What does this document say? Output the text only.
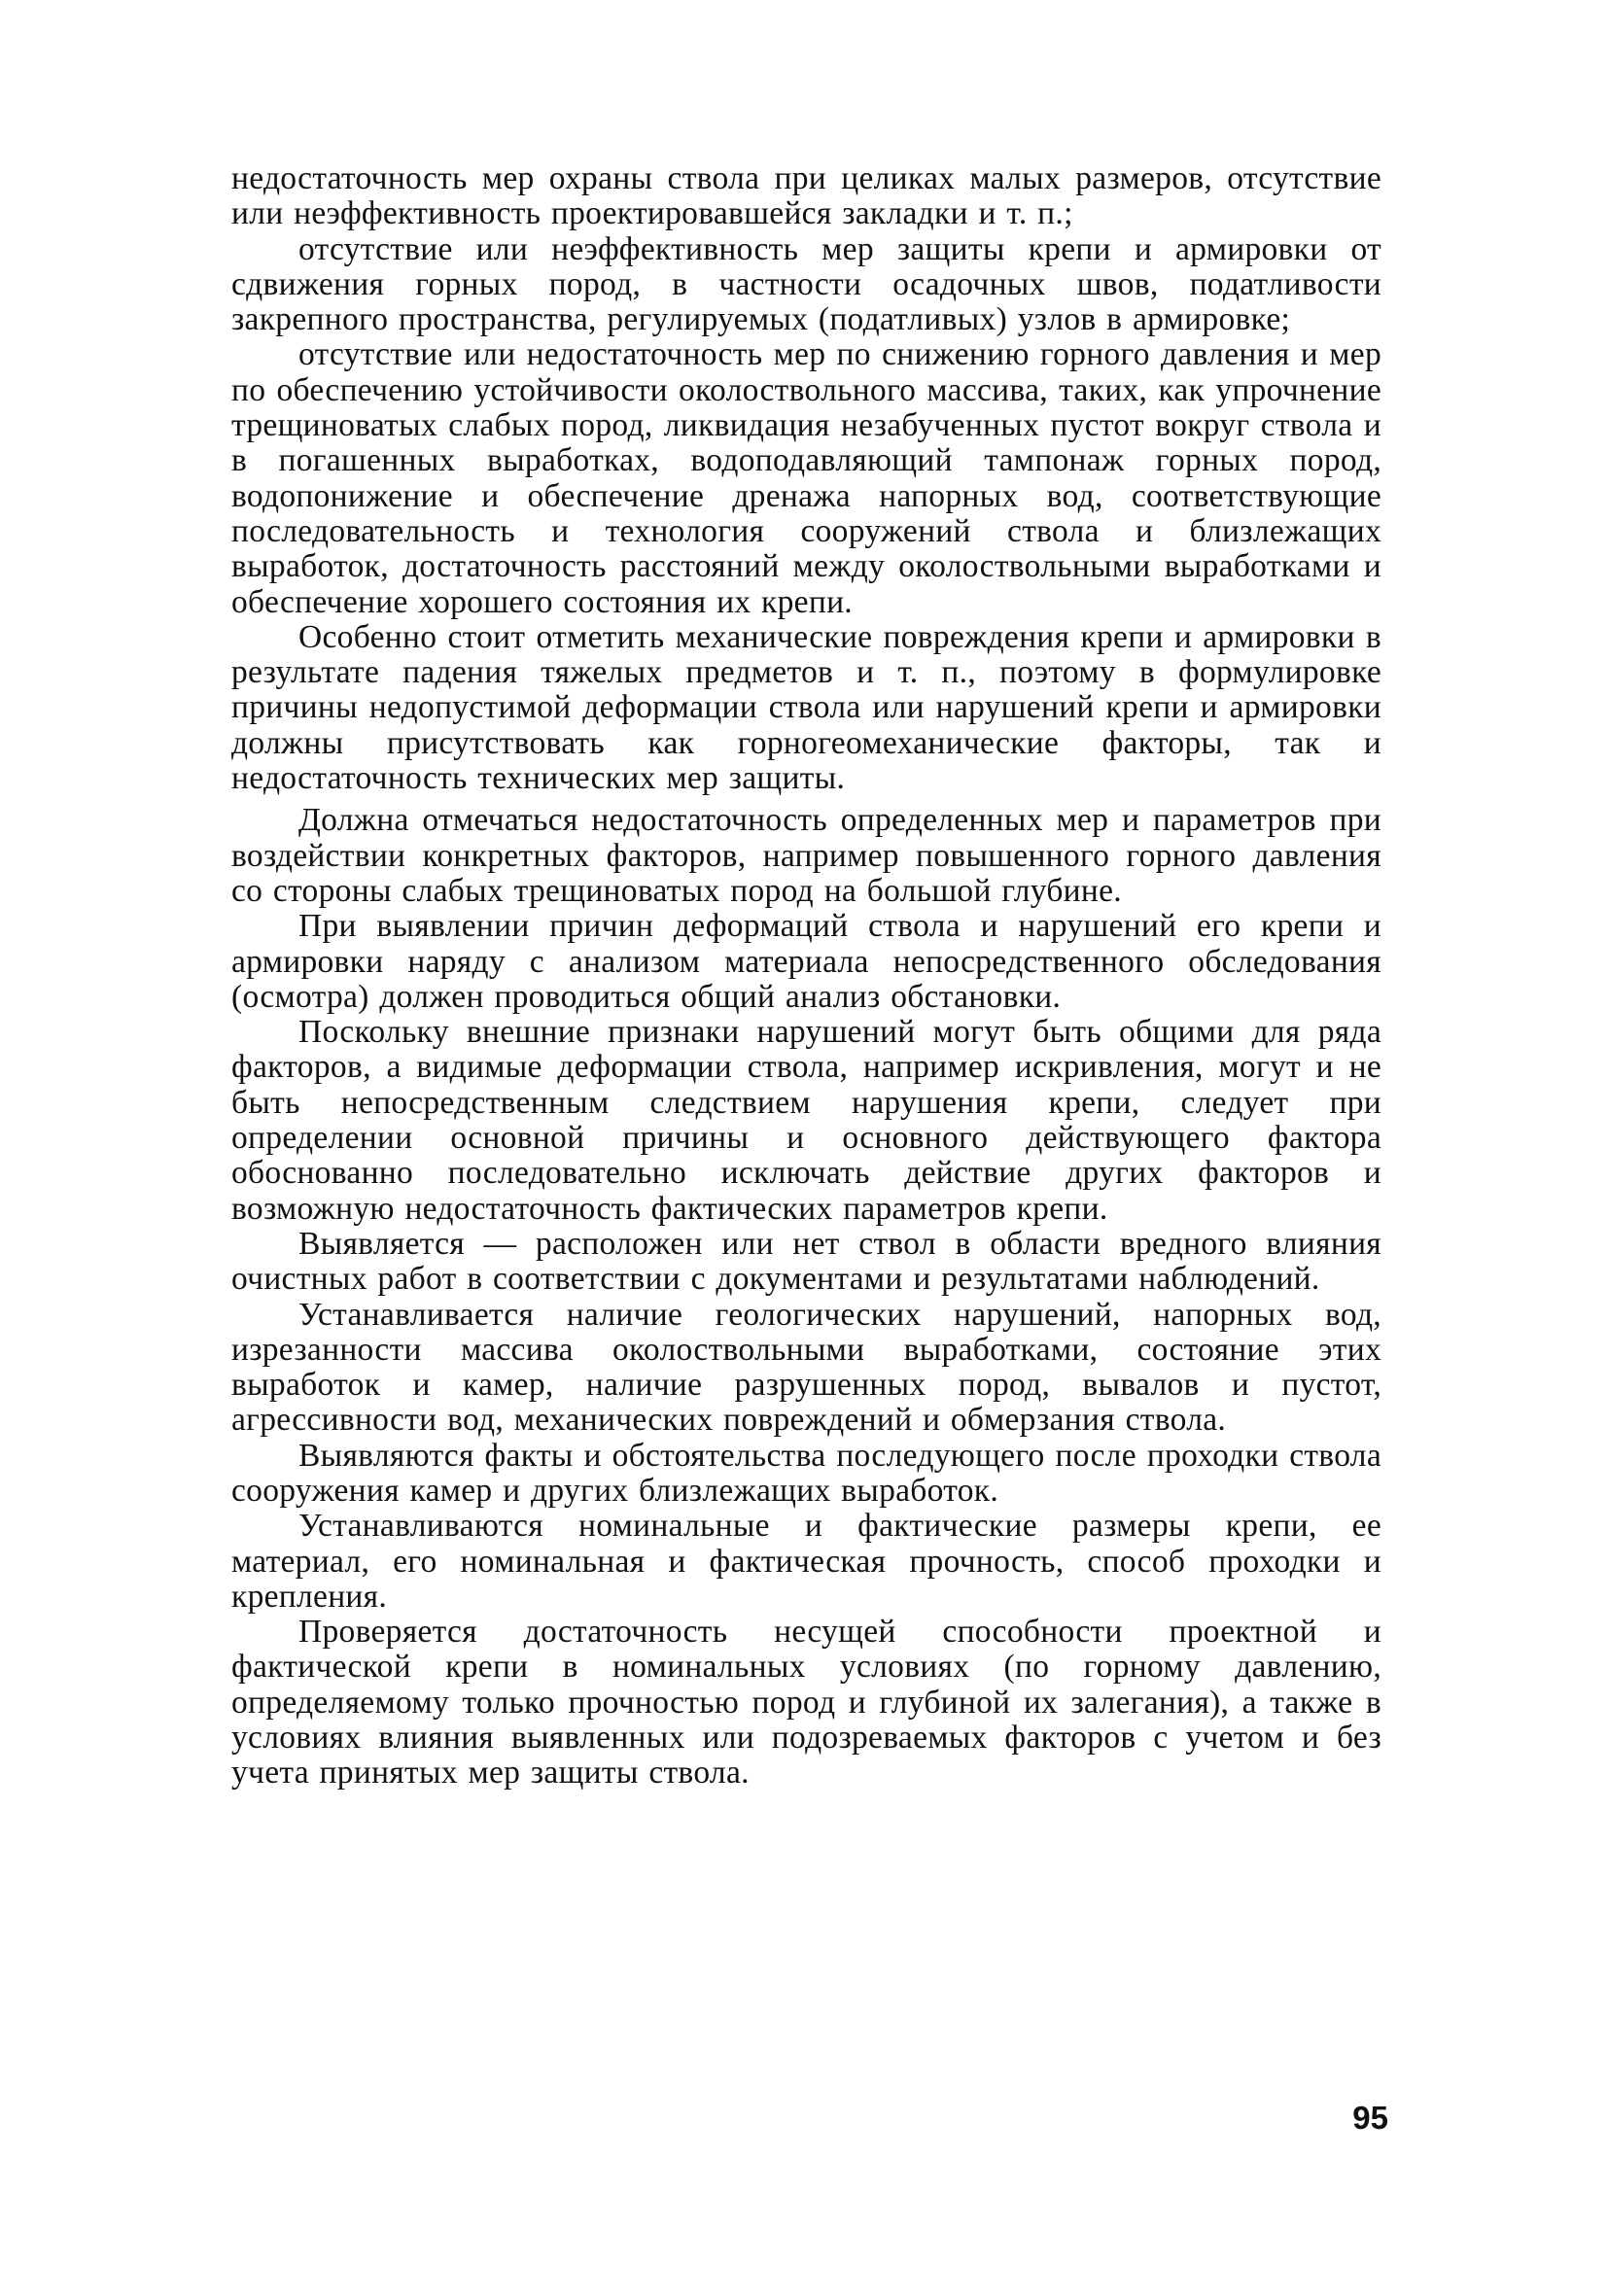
недостаточность мер охраны ствола при целиках малых размеров, отсутствие или неэффективность проектировавшейся закладки и т. п.;

отсутствие или неэффективность мер защиты крепи и армировки от сдвижения горных пород, в частности осадочных швов, податливости закрепного пространства, регулируемых (податливых) узлов в армировке;

отсутствие или недостаточность мер по снижению горного давления и мер по обеспечению устойчивости околоствольного массива, таких, как упрочнение трещиноватых слабых пород, ликвидация незабученных пустот вокруг ствола и в погашенных выработках, водоподавляющий тампонаж горных пород, водопонижение и обеспечение дренажа напорных вод, соответствующие последовательность и технология сооружений ствола и близлежащих выработок, достаточность расстояний между околоствольными выработками и обеспечение хорошего состояния их крепи.

Особенно стоит отметить механические повреждения крепи и армировки в результате падения тяжелых предметов и т. п., поэтому в формулировке причины недопустимой деформации ствола или нарушений крепи и армировки должны присутствовать как горногеомеханические факторы, так и недостаточность технических мер защиты.

Должна отмечаться недостаточность определенных мер и параметров при воздействии конкретных факторов, например повышенного горного давления со стороны слабых трещиноватых пород на большой глубине.

При выявлении причин деформаций ствола и нарушений его крепи и армировки наряду с анализом материала непосредственного обследования (осмотра) должен проводиться общий анализ обстановки.

Поскольку внешние признаки нарушений могут быть общими для ряда факторов, а видимые деформации ствола, например искривления, могут и не быть непосредственным следствием нарушения крепи, следует при определении основной причины и основного действующего фактора обоснованно последовательно исключать действие других факторов и возможную недостаточность фактических параметров крепи.

Выявляется — расположен или нет ствол в области вредного влияния очистных работ в соответствии с документами и результатами наблюдений.

Устанавливается наличие геологических нарушений, напорных вод, изрезанности массива околоствольными выработками, состояние этих выработок и камер, наличие разрушенных пород, вывалов и пустот, агрессивности вод, механических повреждений и обмерзания ствола.

Выявляются факты и обстоятельства последующего после проходки ствола сооружения камер и других близлежащих выработок.

Устанавливаются номинальные и фактические размеры крепи, ее материал, его номинальная и фактическая прочность, способ проходки и крепления.

Проверяется достаточность несущей способности проектной и фактической крепи в номинальных условиях (по горному давлению, определяемому только прочностью пород и глубиной их залегания), а также в условиях влияния выявленных или подозреваемых факторов с учетом и без учета принятых мер защиты ствола.

95
